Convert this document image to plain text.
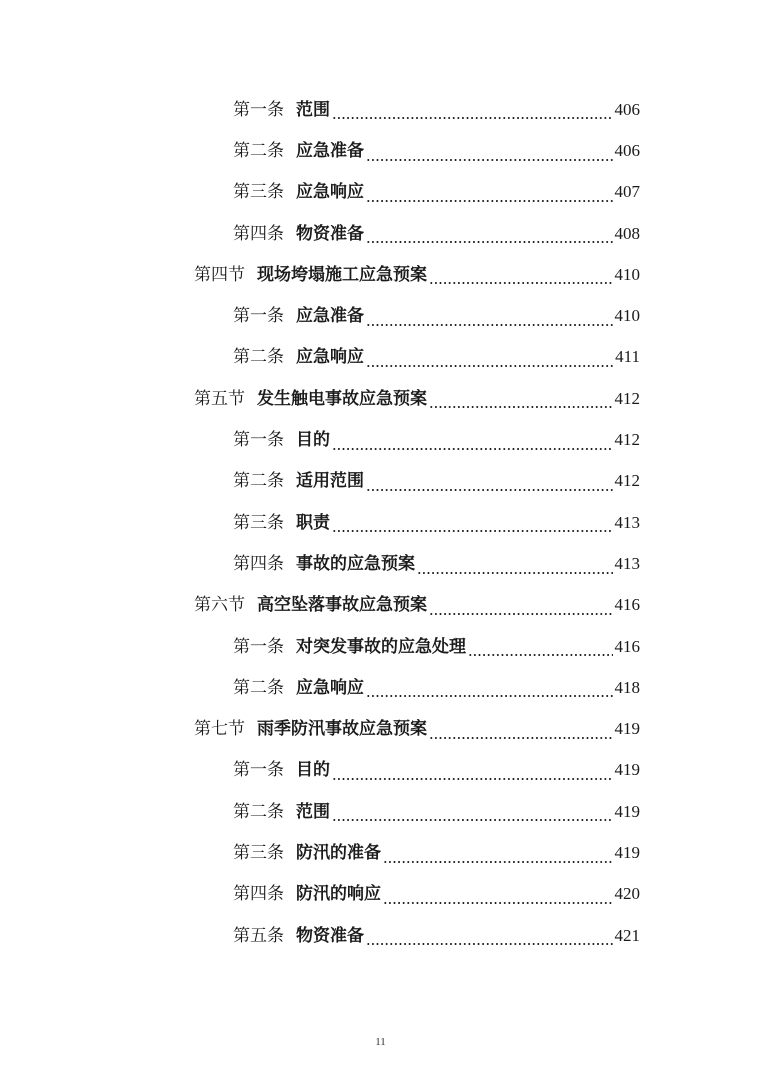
第一条 范围	406
第二条 应急准备	406
第三条 应急响应	407
第四条 物资准备	408
第四节 现场垮塌施工应急预案	410
第一条 应急准备	410
第二条 应急响应	411
第五节 发生触电事故应急预案	412
第一条 目的	412
第二条 适用范围	412
第三条 职责	413
第四条 事故的应急预案	413
第六节 高空坠落事故应急预案	416
第一条 对突发事故的应急处理	416
第二条 应急响应	418
第七节 雨季防汛事故应急预案	419
第一条 目的	419
第二条 范围	419
第三条 防汛的准备	419
第四条 防汛的响应	420
第五条 物资准备	421
11
